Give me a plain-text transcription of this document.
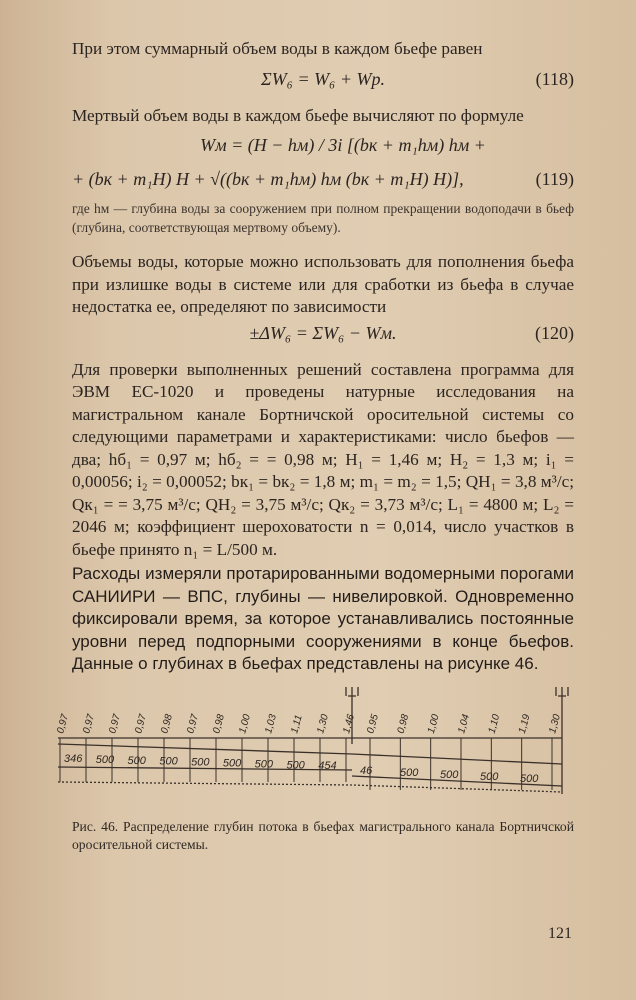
При этом суммарный объем воды в каждом бьефе равен

ΣW₆ = W₆ + Wр.	(118)

Мертвый объем воды в каждом бьефе вычисляют по формуле

Wм = (H − hм) / 3i [(bк + m₁hм) hм +
+ (bк + m₁H) H + √((bк + m₁hм) hм (bк + m₁H) H)],	(119)

где hм — глубина воды за сооружением при полном прекращении водоподачи в бьеф (глубина, соответствующая мертвому объему).

Объемы воды, которые можно использовать для пополнения бьефа при излишке воды в системе или для сработки из бьефа в случае недостатка ее, определяют по зависимости

±ΔW₆ = ΣW₆ − Wм.	(120)

Для проверки выполненных решений составлена программа для ЭВМ ЕС-1020 и проведены натурные исследования на магистральном канале Бортничской оросительной системы со следующими параметрами и характеристиками: число бьефов — два; hб₁ = 0,97 м; hб₂ = = 0,98 м; H₁ = 1,46 м; H₂ = 1,3 м; i₁ = 0,00056; i₂ = 0,00052; bк₁ = bк₂ = 1,8 м; m₁ = m₂ = 1,5; QН₁ = 3,8 м³/с; Qк₁ = = 3,75 м³/с; QН₂ = 3,75 м³/с; Qк₂ = 3,73 м³/с; L₁ = 4800 м; L₂ = 2046 м; коэффициент шероховатости n = 0,014, число участков в бьефе принято n₁ = L/500 м.

Расходы измеряли протарированными водомерными порогами САНИИРИ — ВПС, глубины — нивелировкой. Одновременно фиксировали время, за которое устанавливались постоянные уровни перед подпорными сооружениями в конце бьефов. Данные о глубинах в бьефах представлены на рисунке 46.

0,97 0,97 0,97 0,97 0,98 0,97 0,98 1,00 1,03 1,11 1,30 1,46 0,95 0,98 1,00 1,04 1,10 1,19 1,30
346 500 500 500 500 500 500 500 454 46	500 500 500 500

Рис. 46. Распределение глубин потока в бьефах магистрального канала Бортничской оросительной системы.

121
